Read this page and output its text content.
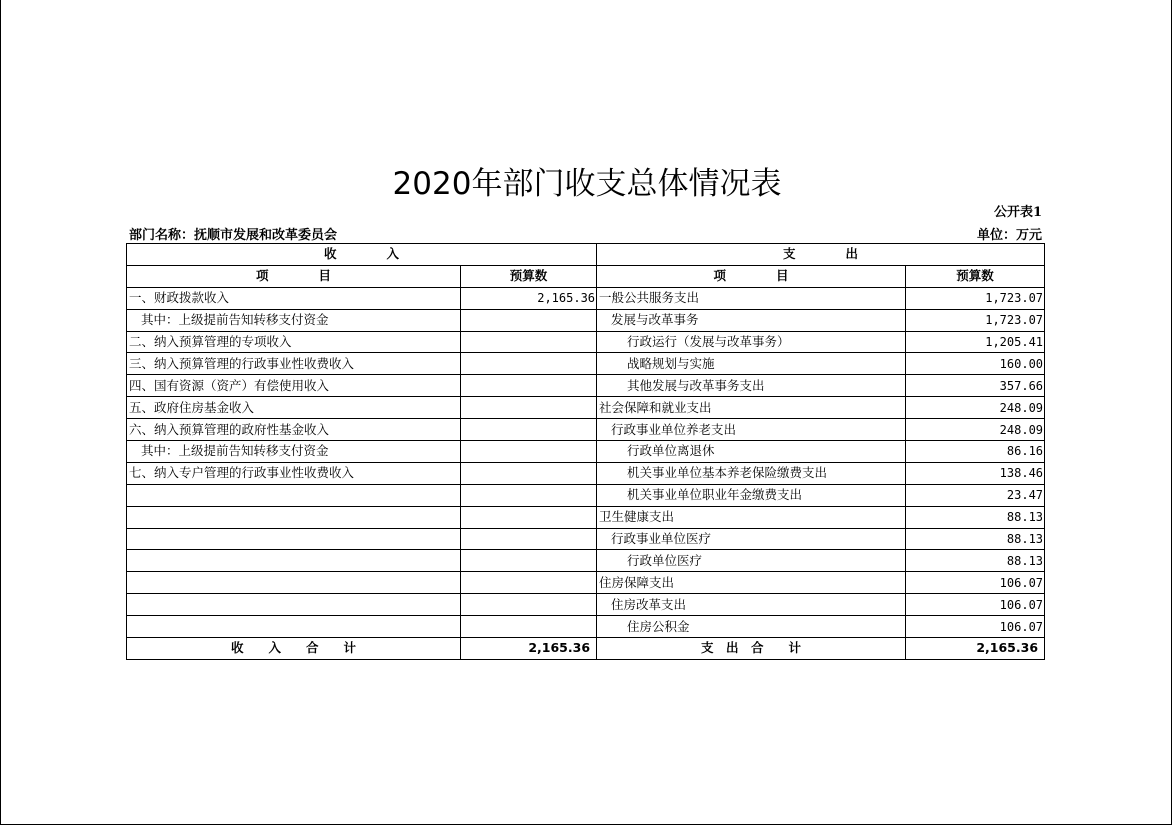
2020年部门收支总体情况表
公开表1
部门名称：抚顺市发展和改革委员会	单位：万元
收　　　　入		支　　　　出	
项　　　　目	预算数	项　　　　目	预算数
一、财政拨款收入	2,165.36	一般公共服务支出	1,723.07
其中：上级提前告知转移支付资金		发展与改革事务	1,723.07
二、纳入预算管理的专项收入		行政运行（发展与改革事务）	1,205.41
三、纳入预算管理的行政事业性收费收入		战略规划与实施	160.00
四、国有资源（资产）有偿使用收入		其他发展与改革事务支出	357.66
五、政府住房基金收入		社会保障和就业支出	248.09
六、纳入预算管理的政府性基金收入		行政事业单位养老支出	248.09
其中：上级提前告知转移支付资金		行政单位离退休	86.16
七、纳入专户管理的行政事业性收费收入		机关事业单位基本养老保险缴费支出	138.46
		机关事业单位职业年金缴费支出	23.47
		卫生健康支出	88.13
		行政事业单位医疗	88.13
		行政单位医疗	88.13
		住房保障支出	106.07
		住房改革支出	106.07
		住房公积金	106.07
收　　入　　合　　计	2,165.36	支　出　合　　计	2,165.36
